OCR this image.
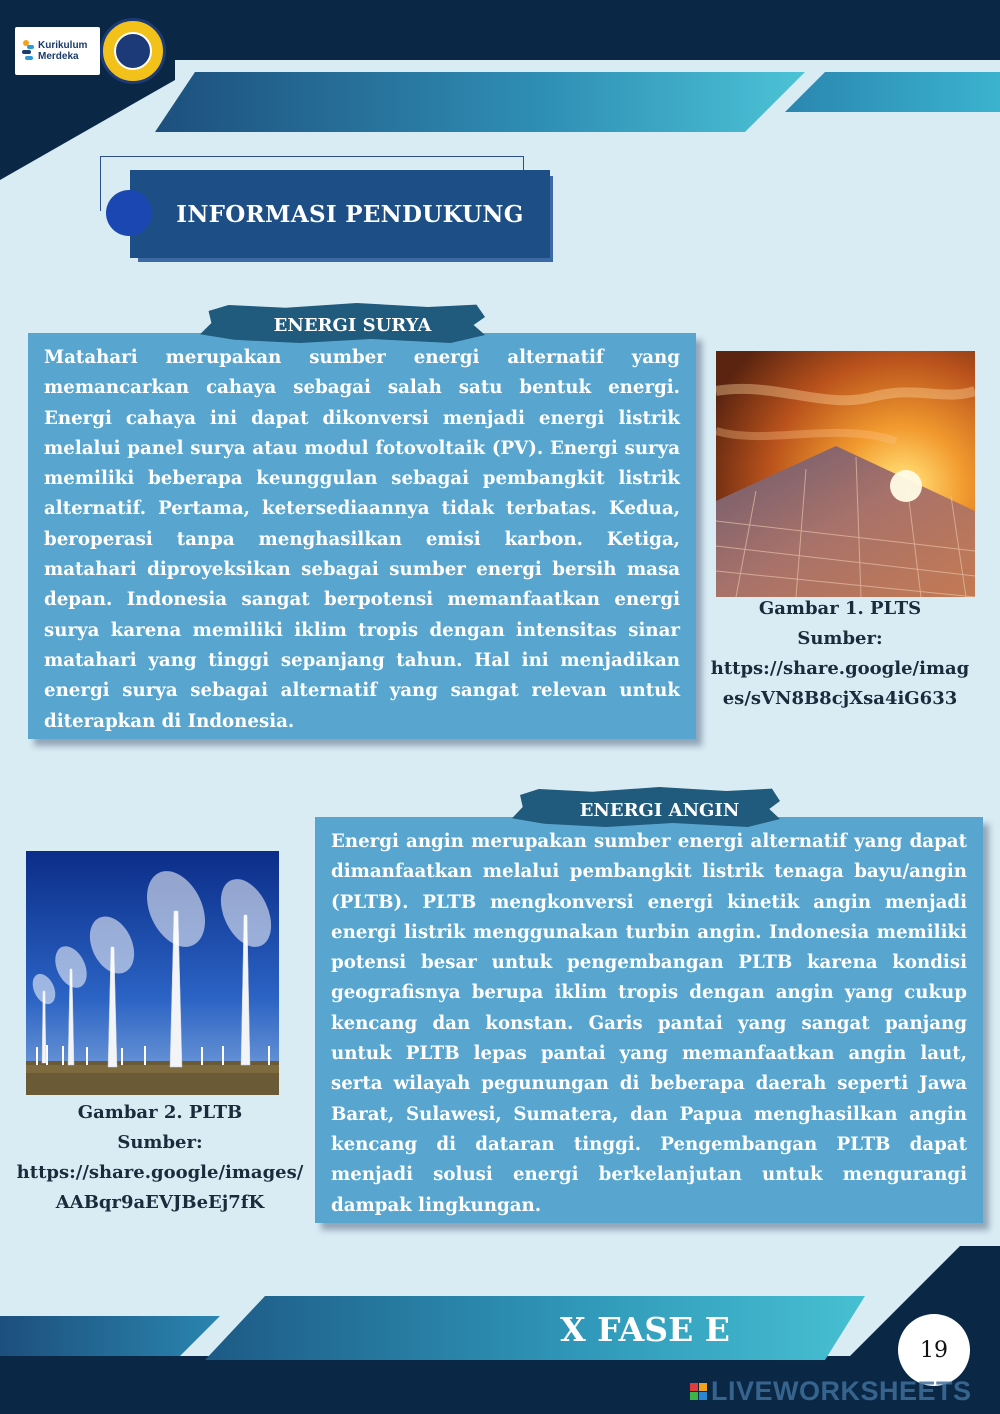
Kurikulum
Merdeka
INFORMASI PENDUKUNG

Matahari merupakan sumber energi alternatif yang memancarkan cahaya sebagai salah satu bentuk energi. Energi cahaya ini dapat dikonversi menjadi energi listrik melalui panel surya atau modul fotovoltaik (PV). Energi surya memiliki beberapa keunggulan sebagai pembangkit listrik alternatif. Pertama, ketersediaannya tidak terbatas. Kedua, beroperasi tanpa menghasilkan emisi karbon. Ketiga, matahari diproyeksikan sebagai sumber energi bersih masa depan. Indonesia sangat berpotensi memanfaatkan energi surya karena memiliki iklim tropis dengan intensitas sinar matahari yang tinggi sepanjang tahun. Hal ini menjadikan energi surya sebagai alternatif yang sangat relevan untuk diterapkan di Indonesia.

ENERGI SURYA
Gambar 1. PLTS
Sumber:
https://share.google/imag
es/sVN8B8cjXsa4iG633

Energi angin merupakan sumber energi alternatif yang dapat dimanfaatkan melalui pembangkit listrik tenaga bayu/angin (PLTB). PLTB mengkonversi energi kinetik angin menjadi energi listrik menggunakan turbin angin. Indonesia memiliki potensi besar untuk pengembangan PLTB karena kondisi geografisnya berupa iklim tropis dengan angin yang cukup kencang dan konstan. Garis pantai yang sangat panjang untuk PLTB lepas pantai yang memanfaatkan angin laut, serta wilayah pegunungan di beberapa daerah seperti Jawa Barat, Sulawesi, Sumatera, dan Papua menghasilkan angin kencang di dataran tinggi. Pengembangan PLTB dapat menjadi solusi energi berkelanjutan untuk mengurangi dampak lingkungan.

ENERGI ANGIN
Gambar 2. PLTB
Sumber:
https://share.google/images/
AABqr9aEVJBeEj7fK
X FASE E
19
LIVEWORKSHEETS
